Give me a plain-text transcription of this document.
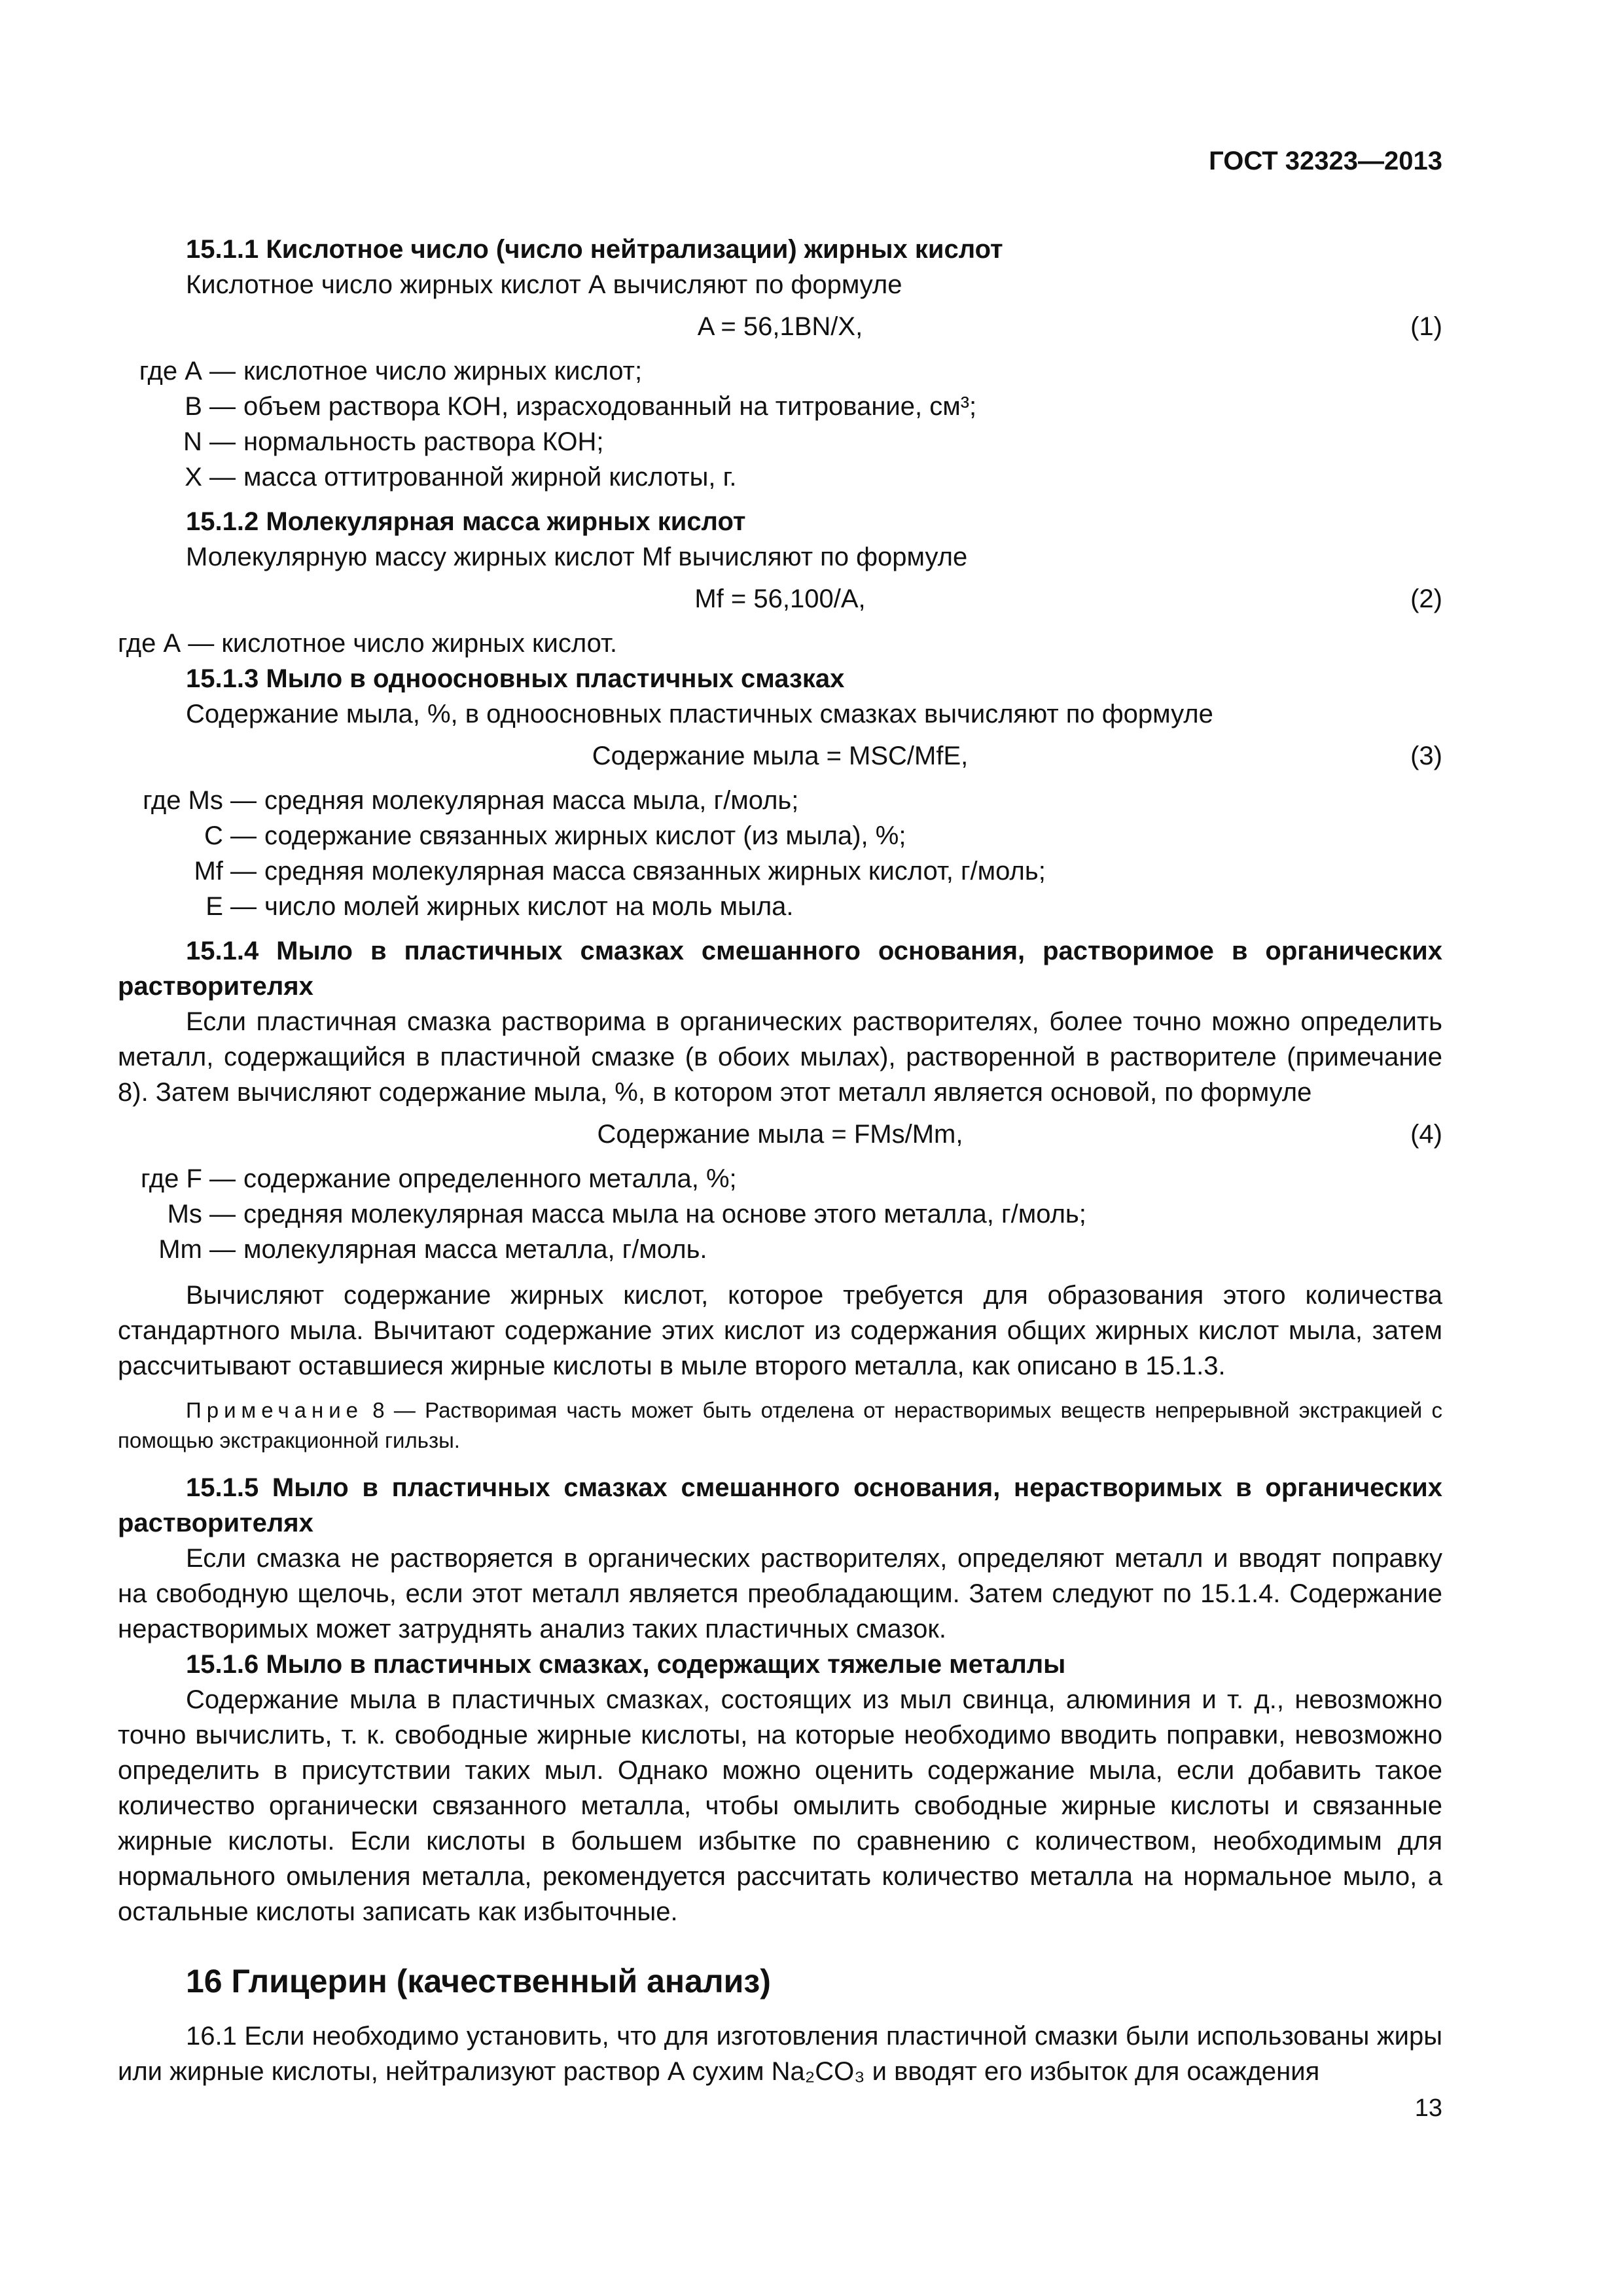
ГОСТ 32323—2013
15.1.1 Кислотное число (число нейтрализации) жирных кислот
Кислотное число жирных кислот А вычисляют по формуле
A = 56,1BN/X,	(1)
где А — кислотное число жирных кислот;
В — объем раствора КОН, израсходованный на титрование, см³;
N — нормальность раствора КОН;
X — масса оттитрованной жирной кислоты, г.
15.1.2 Молекулярная масса жирных кислот
Молекулярную массу жирных кислот Mf вычисляют по формуле
Mf = 56,100/A,	(2)
где А — кислотное число жирных кислот.
15.1.3 Мыло в одноосновных пластичных смазках
Содержание мыла, %, в одноосновных пластичных смазках вычисляют по формуле
Содержание мыла = MSC/MfE,	(3)
где Ms — средняя молекулярная масса мыла, г/моль;
С — содержание связанных жирных кислот (из мыла), %;
Mf — средняя молекулярная масса связанных жирных кислот, г/моль;
Е — число молей жирных кислот на моль мыла.
15.1.4 Мыло в пластичных смазках смешанного основания, растворимое в органических растворителях
Если пластичная смазка растворима в органических растворителях, более точно можно определить металл, содержащийся в пластичной смазке (в обоих мылах), растворенной в растворителе (примечание 8). Затем вычисляют содержание мыла, %, в котором этот металл является основой, по формуле
Содержание мыла = FMs/Mm,	(4)
где F — содержание определенного металла, %;
Ms — средняя молекулярная масса мыла на основе этого металла, г/моль;
Mm — молекулярная масса металла, г/моль.
Вычисляют содержание жирных кислот, которое требуется для образования этого количества стандартного мыла. Вычитают содержание этих кислот из содержания общих жирных кислот мыла, затем рассчитывают оставшиеся жирные кислоты в мыле второго металла, как описано в 15.1.3.
Примечание 8 — Растворимая часть может быть отделена от нерастворимых веществ непрерывной экстракцией с помощью экстракционной гильзы.
15.1.5 Мыло в пластичных смазках смешанного основания, нерастворимых в органических растворителях
Если смазка не растворяется в органических растворителях, определяют металл и вводят поправку на свободную щелочь, если этот металл является преобладающим. Затем следуют по 15.1.4. Содержание нерастворимых может затруднять анализ таких пластичных смазок.
15.1.6 Мыло в пластичных смазках, содержащих тяжелые металлы
Содержание мыла в пластичных смазках, состоящих из мыл свинца, алюминия и т. д., невозможно точно вычислить, т. к. свободные жирные кислоты, на которые необходимо вводить поправки, невозможно определить в присутствии таких мыл. Однако можно оценить содержание мыла, если добавить такое количество органически связанного металла, чтобы омылить свободные жирные кислоты и связанные жирные кислоты. Если кислоты в большем избытке по сравнению с количеством, необходимым для нормального омыления металла, рекомендуется рассчитать количество металла на нормальное мыло, а остальные кислоты записать как избыточные.
16 Глицерин (качественный анализ)
16.1 Если необходимо установить, что для изготовления пластичной смазки были использованы жиры или жирные кислоты, нейтрализуют раствор А сухим Na₂CO₃ и вводят его избыток для осаждения
13
